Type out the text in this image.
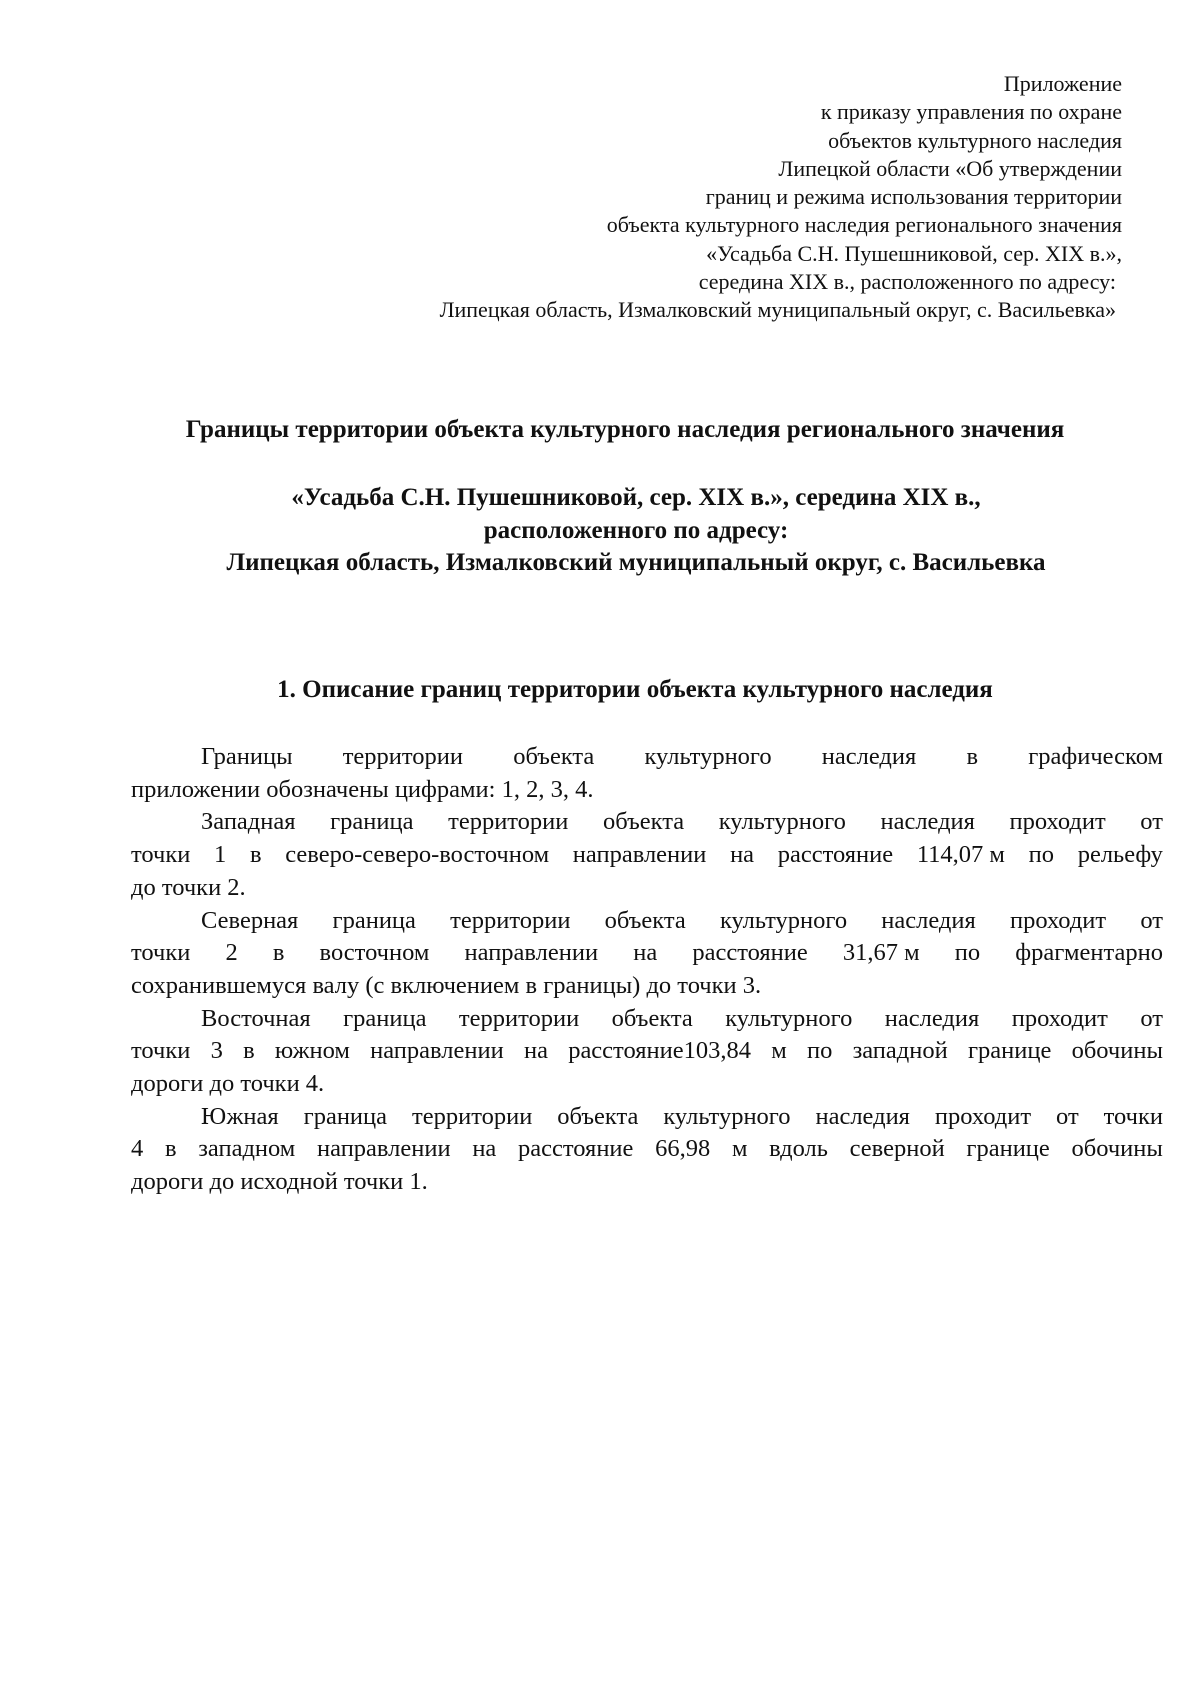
Приложение
к приказу управления по охране
объектов культурного наследия
Липецкой области «Об утверждении
границ и режима использования территории
объекта культурного наследия регионального значения
«Усадьба С.Н. Пушешниковой, сер. XIX в.»,
середина XIX в., расположенного по адресу:
Липецкая область, Измалковский муниципальный округ, с. Васильевка»
Границы территории объекта культурного наследия регионального значения
«Усадьба С.Н. Пушешниковой, сер. XIX в.», середина XIX в.,
расположенного по адресу:
Липецкая область, Измалковский муниципальный округ, с. Васильевка
1. Описание границ территории объекта культурного наследия
Границы территории объекта культурного наследия в графическом
приложении обозначены цифрами: 1, 2, 3, 4.
Западная граница территории объекта культурного наследия проходит от
точки 1 в северо-северо-восточном направлении на расстояние 114,07 м по рельефу
до точки 2.
Северная граница территории объекта культурного наследия проходит от
точки 2 в восточном направлении на расстояние 31,67 м по фрагментарно
сохранившемуся валу (с включением в границы) до точки 3.
Восточная граница территории объекта культурного наследия проходит от
точки 3 в южном направлении на расстояние103,84 м по западной границе обочины
дороги до точки 4.
Южная граница территории объекта культурного наследия проходит от точки
4 в западном направлении на расстояние 66,98 м вдоль северной границе обочины
дороги до исходной точки 1.
